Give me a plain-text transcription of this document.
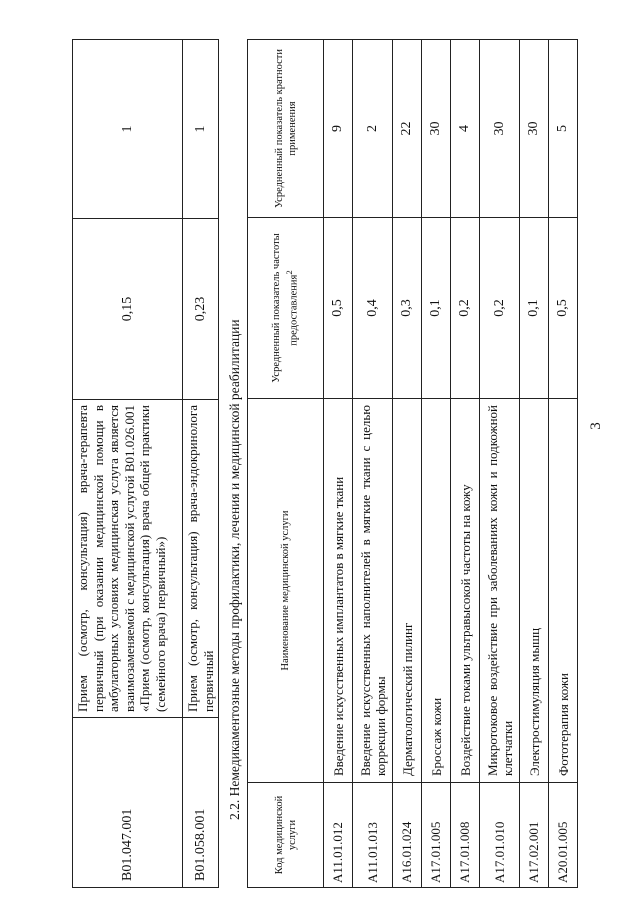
3
B01.047.001	Прием (осмотр, консультация) врача-терапевта первичный (при оказании медицинской помощи в амбулаторных условиях медицинская услуга является взаимозаменяемой с медицинской услугой B01.026.001 «Прием (осмотр, консультация) врача общей практики (семейного врача) первичный»)	0,15	1
B01.058.001	Прием (осмотр, консультация) врача-эндокринолога первичный	0,23	1
2.2. Немедикаментозные методы профилактики, лечения и медицинской реабилитации
Код медицинской услуги	Наименование медицинской услуги	Усредненный показатель частоты предоставления$^2$	Усредненный показатель кратности применения
A11.01.012	Введение искусственных имплантатов в мягкие ткани	0,5	9
A11.01.013	Введение искусственных наполнителей в мягкие ткани с целью коррекции формы	0,4	2
A16.01.024	Дерматологический пилинг	0,3	22
A17.01.005	Броссаж кожи	0,1	30
A17.01.008	Воздействие токами ультравысокой частоты на кожу	0,2	4
A17.01.010	Микротоковое воздействие при заболеваниях кожи и подкожной клетчатки	0,2	30
A17.02.001	Электростимуляция мышц	0,1	30
A20.01.005	Фототерапия кожи	0,5	5
